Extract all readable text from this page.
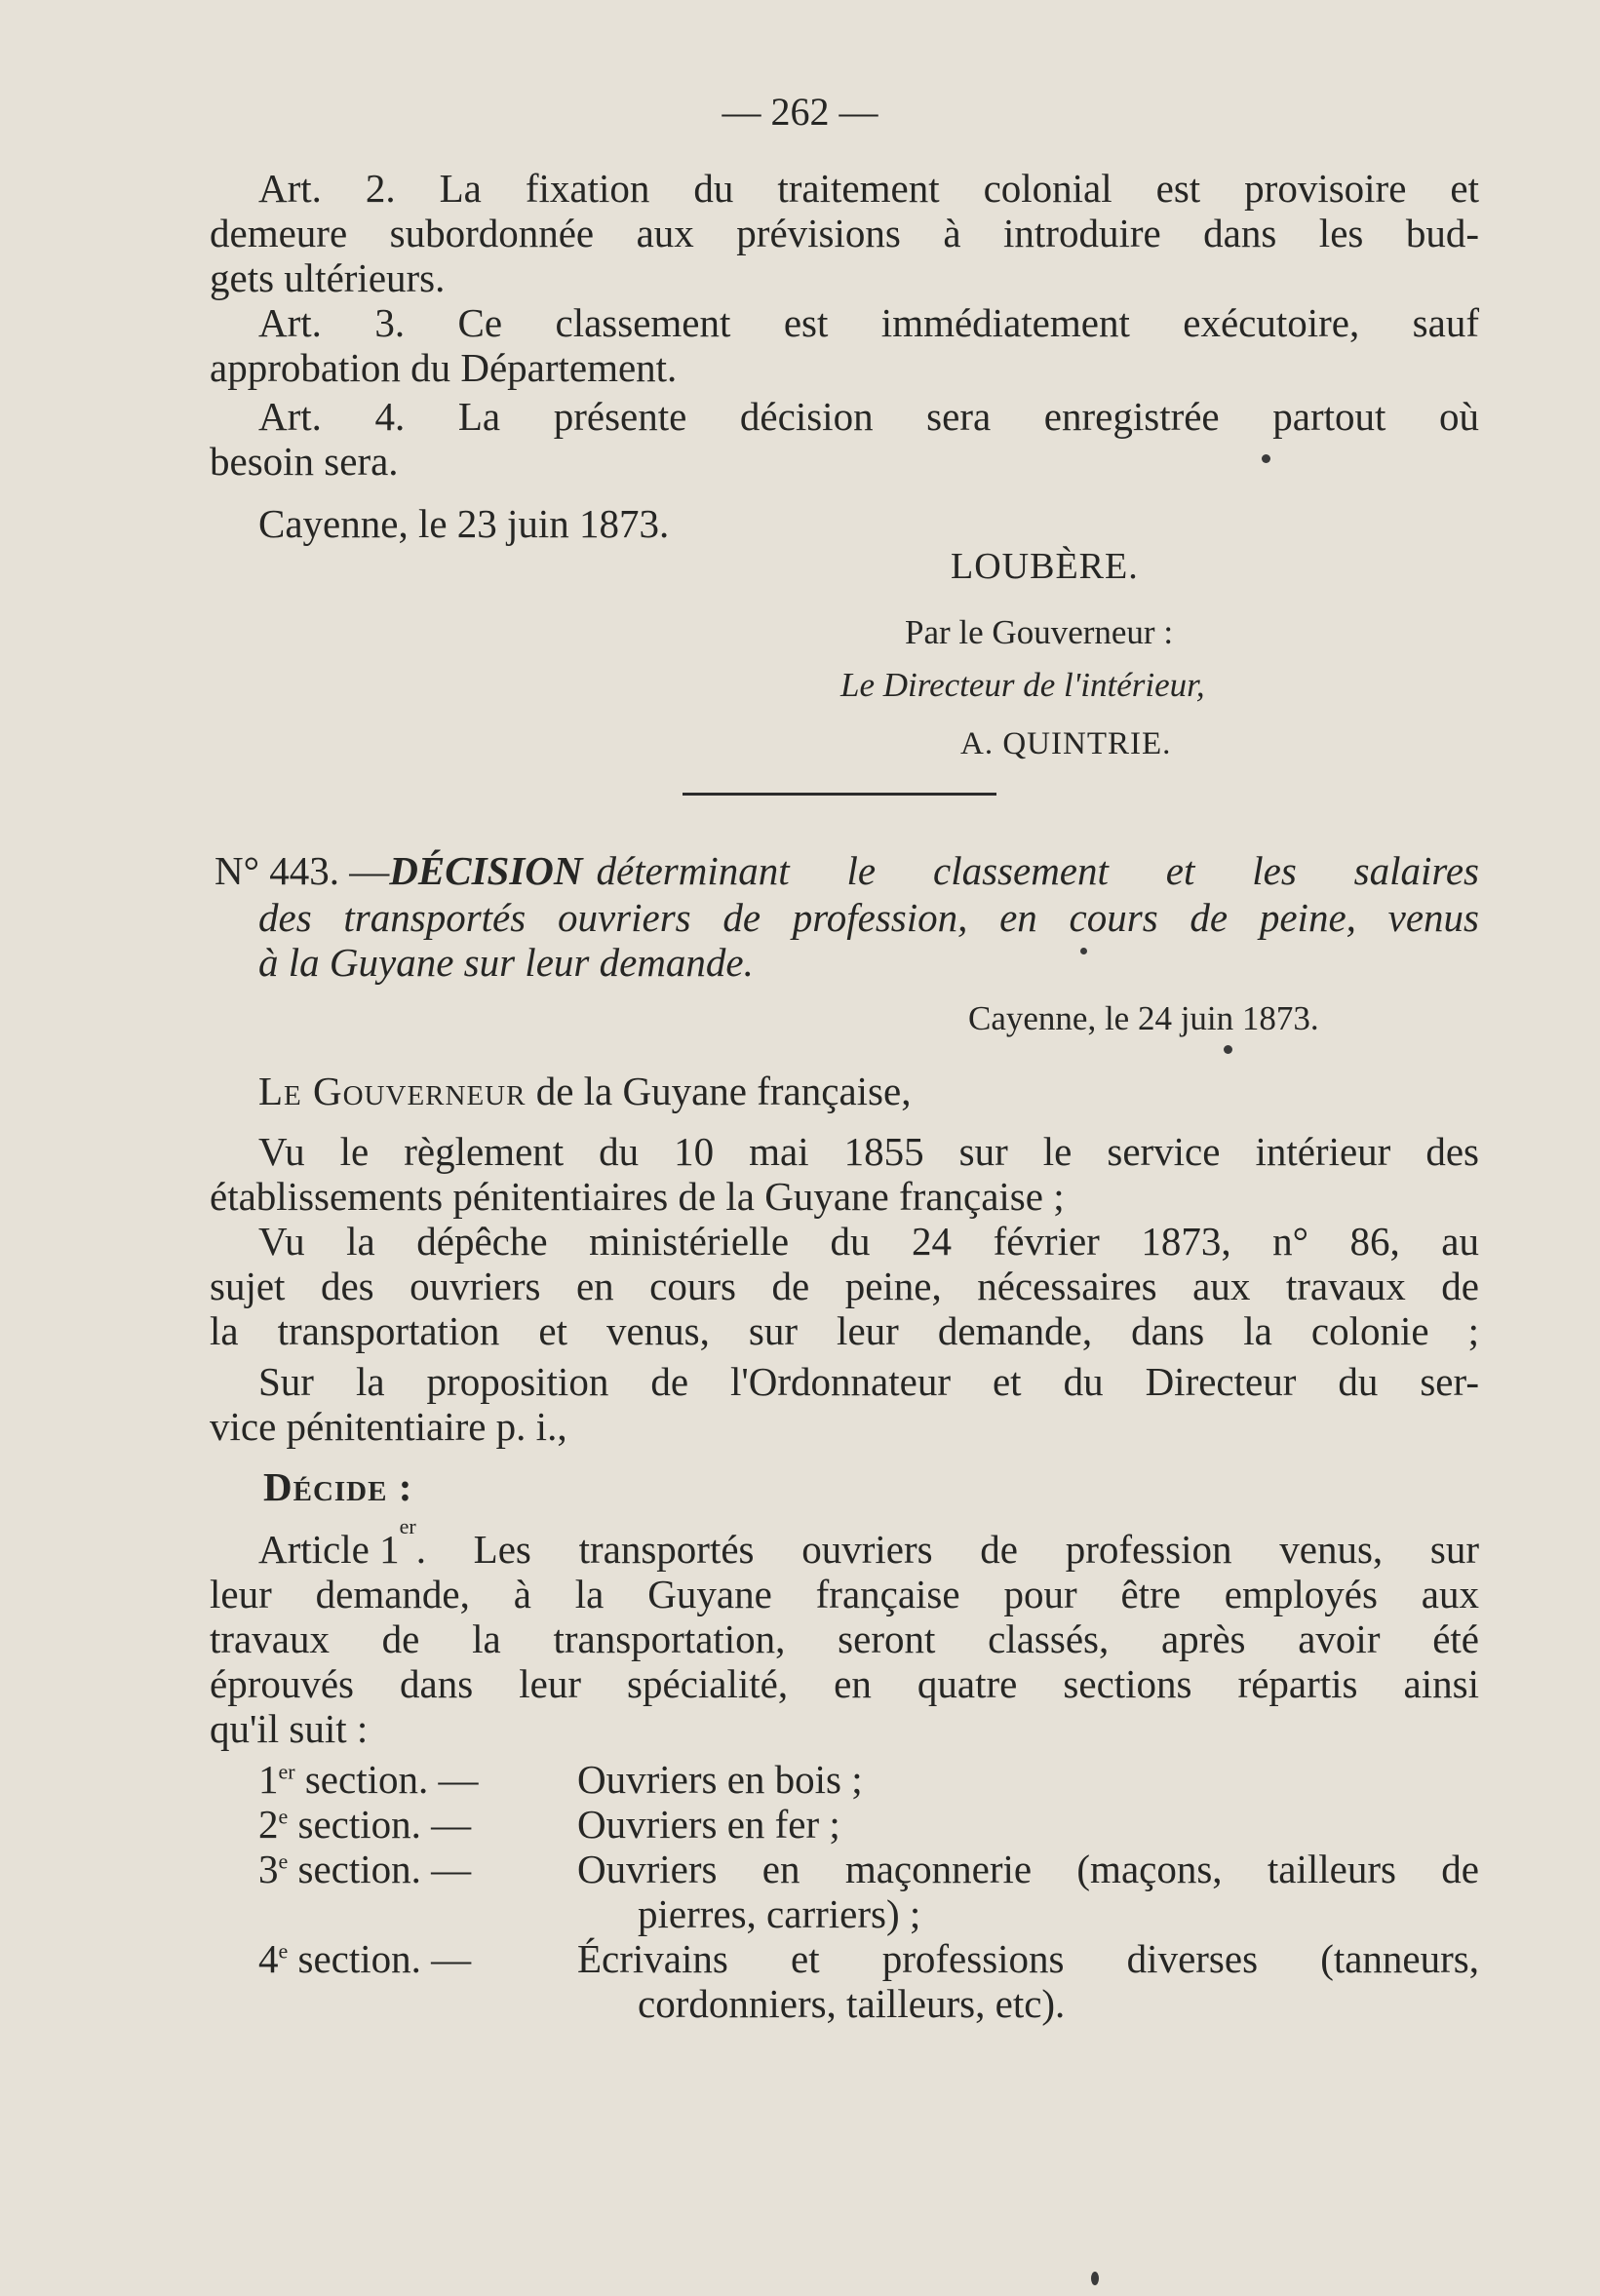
— 262 —
Art. 2. La fixation du traitement colonial est provisoire et
demeure subordonnée aux prévisions à introduire dans les bud-
gets ultérieurs.
Art. 3. Ce classement est immédiatement exécutoire, sauf
approbation du Département.
Art. 4. La présente décision sera enregistrée partout où
besoin sera.
Cayenne, le 23 juin 1873.
LOUBÈRE.
Par le Gouverneur :
Le Directeur de l'intérieur,
A. QUINTRIE.
N° 443. — DÉCISION déterminant le classement et les salaires
des transportés ouvriers de profession, en cours de peine, venus
à la Guyane sur leur demande.
Cayenne, le 24 juin 1873.
Le Gouverneur de la Guyane française,
Vu le règlement du 10 mai 1855 sur le service intérieur des
établissements pénitentiaires de la Guyane française ;
Vu la dépêche ministérielle du 24 février 1873, n° 86, au
sujet des ouvriers en cours de peine, nécessaires aux travaux de
la transportation et venus, sur leur demande, dans la colonie ;
Sur la proposition de l'Ordonnateur et du Directeur du ser-
vice pénitentiaire p. i.,
Décide :
Article 1
er
. Les transportés ouvriers de profession venus, sur
leur demande, à la Guyane française pour être employés aux
travaux de la transportation, seront classés, après avoir été
éprouvés dans leur spécialité, en quatre sections répartis ainsi
qu'il suit :
1er section. — Ouvriers en bois ;
2e section. —	Ouvriers en fer ;
3e section. —	Ouvriers en maçonnerie (maçons, tailleurs de
pierres, carriers) ;
4e section. —	Écrivains et professions diverses (tanneurs,
cordonniers, tailleurs, etc).
